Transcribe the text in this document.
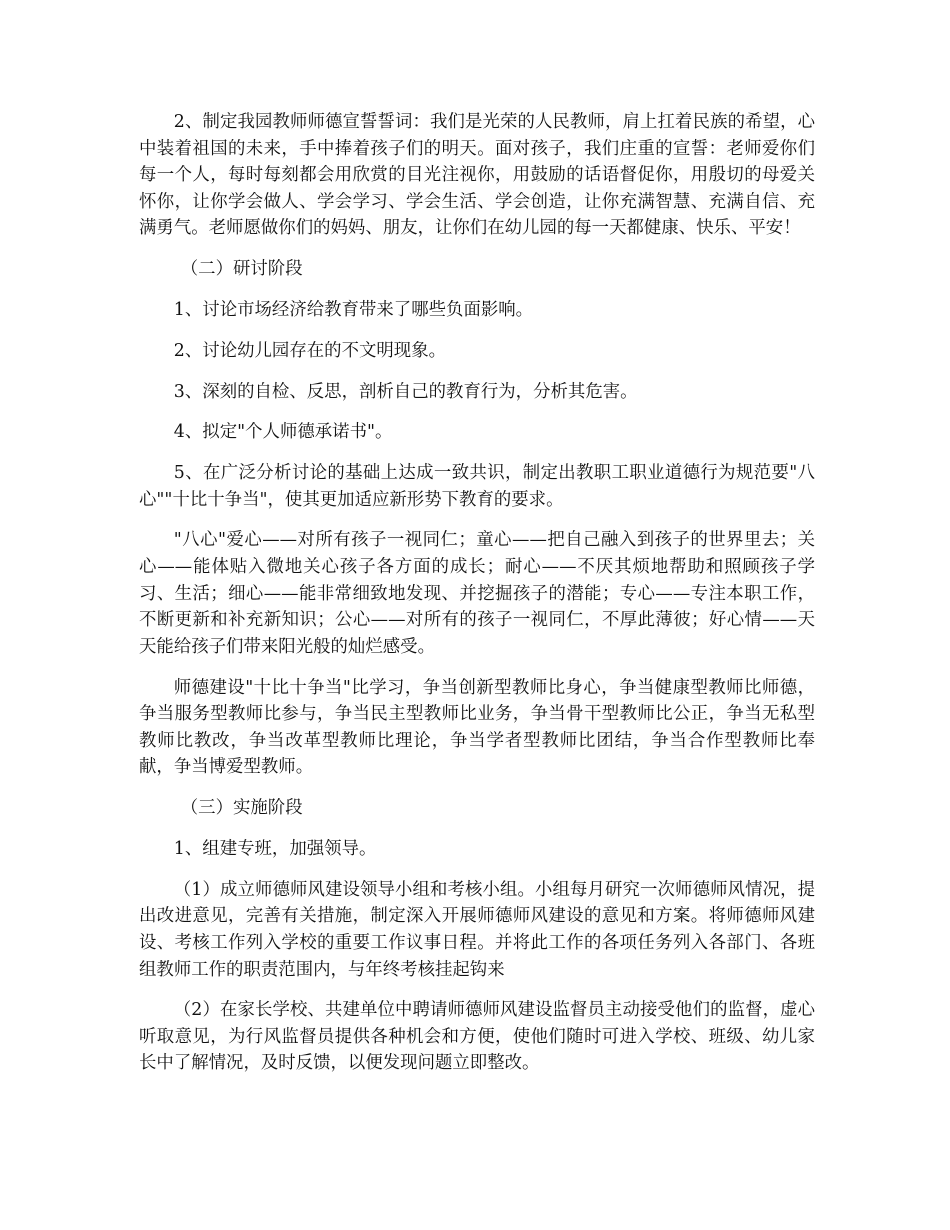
2、制定我园教师师德宣誓誓词：我们是光荣的人民教师，肩上扛着民族的希望，心中装着祖国的未来，手中捧着孩子们的明天。面对孩子，我们庄重的宣誓：老师爱你们每一个人，每时每刻都会用欣赏的目光注视你，用鼓励的话语督促你，用殷切的母爱关怀你，让你学会做人、学会学习、学会生活、学会创造，让你充满智慧、充满自信、充满勇气。老师愿做你们的妈妈、朋友，让你们在幼儿园的每一天都健康、快乐、平安！

（二）研讨阶段

1、讨论市场经济给教育带来了哪些负面影响。

2、讨论幼儿园存在的不文明现象。

3、深刻的自检、反思，剖析自己的教育行为，分析其危害。

4、拟定"个人师德承诺书"。

5、在广泛分析讨论的基础上达成一致共识，制定出教职工职业道德行为规范要"八心""十比十争当"，使其更加适应新形势下教育的要求。

"八心"爱心——对所有孩子一视同仁；童心——把自己融入到孩子的世界里去；关心——能体贴入微地关心孩子各方面的成长；耐心——不厌其烦地帮助和照顾孩子学习、生活；细心——能非常细致地发现、并挖掘孩子的潜能；专心——专注本职工作，不断更新和补充新知识；公心——对所有的孩子一视同仁，不厚此薄彼；好心情——天天能给孩子们带来阳光般的灿烂感受。

师德建设"十比十争当"比学习，争当创新型教师比身心，争当健康型教师比师德，争当服务型教师比参与，争当民主型教师比业务，争当骨干型教师比公正，争当无私型教师比教改，争当改革型教师比理论，争当学者型教师比团结，争当合作型教师比奉献，争当博爱型教师。

（三）实施阶段

1、组建专班，加强领导。

（1）成立师德师风建设领导小组和考核小组。小组每月研究一次师德师风情况，提出改进意见，完善有关措施，制定深入开展师德师风建设的意见和方案。将师德师风建设、考核工作列入学校的重要工作议事日程。并将此工作的各项任务列入各部门、各班组教师工作的职责范围内，与年终考核挂起钩来

（2）在家长学校、共建单位中聘请师德师风建设监督员主动接受他们的监督，虚心听取意见，为行风监督员提供各种机会和方便，使他们随时可进入学校、班级、幼儿家长中了解情况，及时反馈，以便发现问题立即整改。
